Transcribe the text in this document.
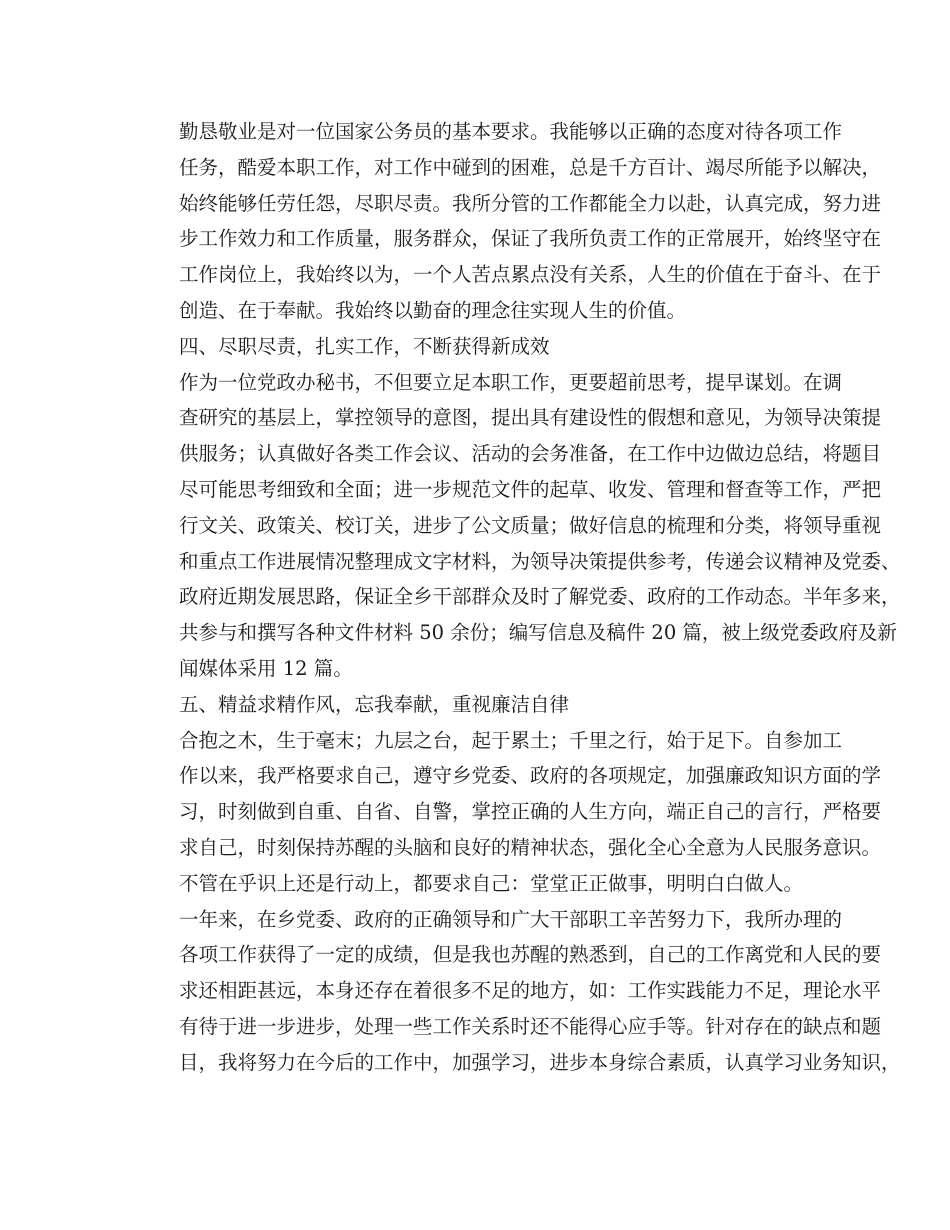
勤恳敬业是对一位国家公务员的基本要求。我能够以正确的态度对待各项工作
任务，酷爱本职工作，对工作中碰到的困难，总是千方百计、竭尽所能予以解决，
始终能够任劳任怨，尽职尽责。我所分管的工作都能全力以赴，认真完成，努力进
步工作效力和工作质量，服务群众，保证了我所负责工作的正常展开，始终坚守在
工作岗位上，我始终以为，一个人苦点累点没有关系，人生的价值在于奋斗、在于
创造、在于奉献。我始终以勤奋的理念往实现人生的价值。
四、尽职尽责，扎实工作，不断获得新成效
作为一位党政办秘书，不但要立足本职工作，更要超前思考，提早谋划。在调
查研究的基层上，掌控领导的意图，提出具有建设性的假想和意见，为领导决策提
供服务；认真做好各类工作会议、活动的会务准备，在工作中边做边总结，将题目
尽可能思考细致和全面；进一步规范文件的起草、收发、管理和督查等工作，严把
行文关、政策关、校订关，进步了公文质量；做好信息的梳理和分类，将领导重视
和重点工作进展情况整理成文字材料，为领导决策提供参考，传递会议精神及党委、
政府近期发展思路，保证全乡干部群众及时了解党委、政府的工作动态。半年多来，
共参与和撰写各种文件材料 50 余份；编写信息及稿件 20 篇，被上级党委政府及新
闻媒体采用 12 篇。
五、精益求精作风，忘我奉献，重视廉洁自律
合抱之木，生于毫末；九层之台，起于累土；千里之行，始于足下。自参加工
作以来，我严格要求自己，遵守乡党委、政府的各项规定，加强廉政知识方面的学
习，时刻做到自重、自省、自警，掌控正确的人生方向，端正自己的言行，严格要
求自己，时刻保持苏醒的头脑和良好的精神状态，强化全心全意为人民服务意识。
不管在乎识上还是行动上，都要求自己：堂堂正正做事，明明白白做人。
一年来，在乡党委、政府的正确领导和广大干部职工辛苦努力下，我所办理的
各项工作获得了一定的成绩，但是我也苏醒的熟悉到，自己的工作离党和人民的要
求还相距甚远，本身还存在着很多不足的地方，如：工作实践能力不足，理论水平
有待于进一步进步，处理一些工作关系时还不能得心应手等。针对存在的缺点和题
目，我将努力在今后的工作中，加强学习，进步本身综合素质，认真学习业务知识，
